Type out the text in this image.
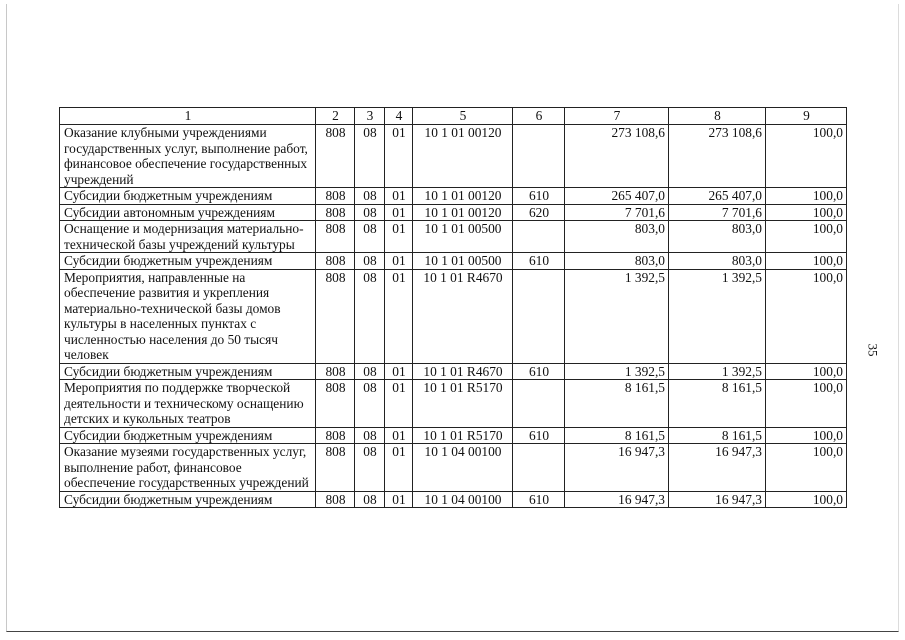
1	2	3	4	5	6	7	8	9
Оказание клубными учреждениями государственных услуг, выполнение работ, финансовое обеспечение государственных учреждений	808	08	01	10 1 01 00120		273 108,6	273 108,6	100,0
Субсидии бюджетным учреждениям	808	08	01	10 1 01 00120	610	265 407,0	265 407,0	100,0
Субсидии автономным учреждениям	808	08	01	10 1 01 00120	620	7 701,6	7 701,6	100,0
Оснащение и модернизация материально-технической базы учреждений культуры	808	08	01	10 1 01 00500		803,0	803,0	100,0
Субсидии бюджетным учреждениям	808	08	01	10 1 01 00500	610	803,0	803,0	100,0
Мероприятия, направленные на обеспечение развития и укрепления материально-технической базы домов культуры в населенных пунктах с численностью населения до 50 тысяч человек	808	08	01	10 1 01 R4670		1 392,5	1 392,5	100,0
Субсидии бюджетным учреждениям	808	08	01	10 1 01 R4670	610	1 392,5	1 392,5	100,0
Мероприятия по поддержке творческой деятельности и техническому оснащению детских и кукольных театров	808	08	01	10 1 01 R5170		8 161,5	8 161,5	100,0
Субсидии бюджетным учреждениям	808	08	01	10 1 01 R5170	610	8 161,5	8 161,5	100,0
Оказание музеями государственных услуг, выполнение работ, финансовое обеспечение государственных учреждений	808	08	01	10 1 04 00100		16 947,3	16 947,3	100,0
Субсидии бюджетным учреждениям	808	08	01	10 1 04 00100	610	16 947,3	16 947,3	100,0
35
